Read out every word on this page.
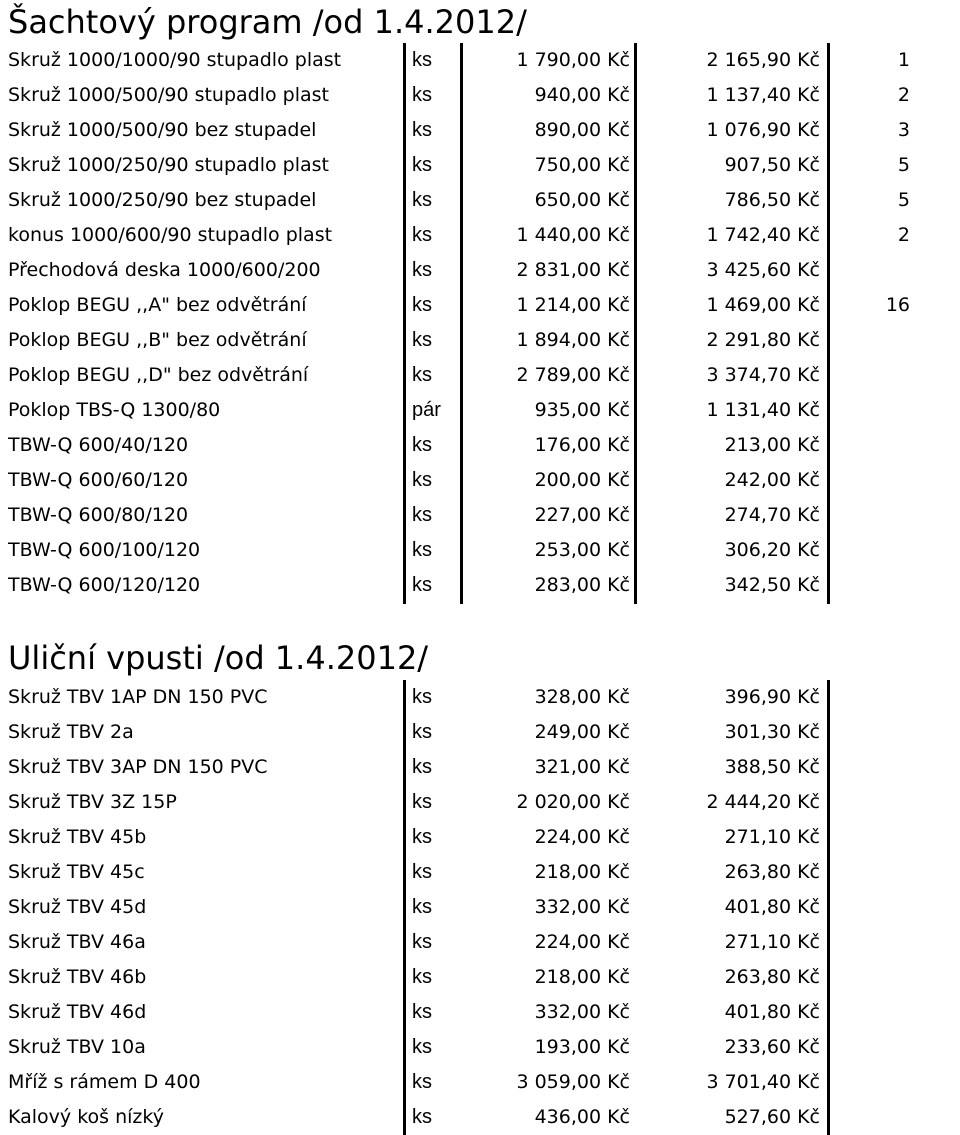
Šachtový program /od 1.4.2012/
Skruž 1000/1000/90 stupadlo plast	ks	1 790,00 Kč	2 165,90 Kč	1
Skruž 1000/500/90 stupadlo plast	ks	940,00 Kč	1 137,40 Kč	2
Skruž 1000/500/90 bez stupadel	ks	890,00 Kč	1 076,90 Kč	3
Skruž 1000/250/90 stupadlo plast	ks	750,00 Kč	907,50 Kč	5
Skruž 1000/250/90 bez stupadel	ks	650,00 Kč	786,50 Kč	5
konus 1000/600/90 stupadlo plast	ks	1 440,00 Kč	1 742,40 Kč	2
Přechodová deska 1000/600/200	ks	2 831,00 Kč	3 425,60 Kč
Poklop BEGU ,,A" bez odvětrání	ks	1 214,00 Kč	1 469,00 Kč	16
Poklop BEGU ,,B" bez odvětrání	ks	1 894,00 Kč	2 291,80 Kč
Poklop BEGU ,,D" bez odvětrání	ks	2 789,00 Kč	3 374,70 Kč
Poklop TBS-Q 1300/80	pár	935,00 Kč	1 131,40 Kč
TBW-Q 600/40/120	ks	176,00 Kč	213,00 Kč
TBW-Q 600/60/120	ks	200,00 Kč	242,00 Kč
TBW-Q 600/80/120	ks	227,00 Kč	274,70 Kč
TBW-Q 600/100/120	ks	253,00 Kč	306,20 Kč
TBW-Q 600/120/120	ks	283,00 Kč	342,50 Kč
Uliční vpusti /od 1.4.2012/
Skruž TBV 1AP DN 150 PVC	ks	328,00 Kč	396,90 Kč
Skruž TBV 2a	ks	249,00 Kč	301,30 Kč
Skruž TBV 3AP DN 150 PVC	ks	321,00 Kč	388,50 Kč
Skruž TBV 3Z 15P	ks	2 020,00 Kč	2 444,20 Kč
Skruž TBV 45b	ks	224,00 Kč	271,10 Kč
Skruž TBV 45c	ks	218,00 Kč	263,80 Kč
Skruž TBV 45d	ks	332,00 Kč	401,80 Kč
Skruž TBV 46a	ks	224,00 Kč	271,10 Kč
Skruž TBV 46b	ks	218,00 Kč	263,80 Kč
Skruž TBV 46d	ks	332,00 Kč	401,80 Kč
Skruž TBV 10a	ks	193,00 Kč	233,60 Kč
Mříž s rámem D 400	ks	3 059,00 Kč	3 701,40 Kč
Kalový koš nízký	ks	436,00 Kč	527,60 Kč
